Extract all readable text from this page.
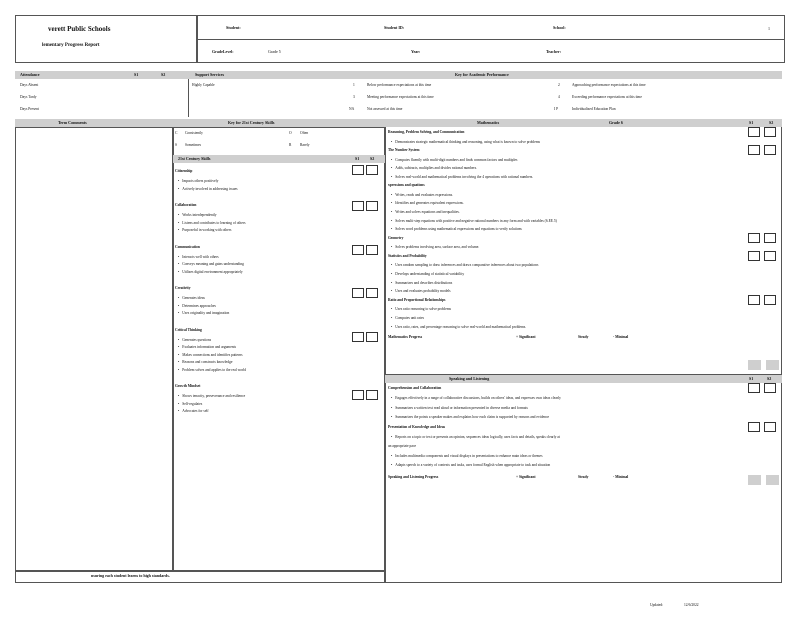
verett Public Schools
lementary Progress Report
Student:	Student ID:	School:	1
GradeLevel:	Grade 5	Year:	Teacher:
Attendance	S1	S2	Support Services	Key for Academic Performance
Days Absent
Days Tardy
Days Present
Highly Capable	1	Below performance expectations at this time
3	Meeting performance expectations at this time
NA	Not assessed at this time
2	Approaching performance expectations at this time
4	Exceeding performance expectations at this time
I P	Individualized Education Plan
Term Comments	Key for 21st Century Skills	Mathematics	Grade 6	S1	S2
nsuring each student learns to high standards.
C Consistently	O Often
S Sometimes	R Rarely
21st Century Skills	S1	S2
Citizenship
• Impacts others positively
• Actively involved in addressing issues
Collaboration
• Works interdependently
• Listens and contributes to learning of others
• Purposeful in working with others
Communication
• Interacts well with others
• Conveys meaning and gains understanding
• Utilizes digital environment appropriately
Creativity
• Generates ideas
• Determines approaches
• Uses originality and imagination
Critical Thinking
• Generates questions
• Evaluates information and arguments
• Makes connections and identifies patterns
• Reasons and constructs knowledge
• Problem solves and applies to the real world
Growth Mindset
• Shows tenacity, perseverance and resilience
• Self-regulates
• Advocates for self
Reasoning, Problem Solving, and Communication
• Demonstrates strategic mathematical thinking and reasoning, using what is known to solve problems
The Number System
• Computes fluently with multi-digit numbers and finds common factors and multiples
• Adds, subtracts, multiplies and divides rational numbers.
• Solves real-world and mathematical problems involving the 4 operations with rational numbers.
xpressions and quations
• Writes, reads and evaluates expressions.
• Identifies and generates equivalent expressions.
• Writes and solves equations and inequalities.
• Solves multi-step equations with positive and negative rational numbers in any form and with variables (6.EE.5)
• Solves word problems using mathematical expressions and equations to verify solutions
Geometry
• Solves problems involving area, surface area, and volume.
Statistics and Probability
• Uses random sampling to draw inferences and draws comparative inferences about two populations
• Develops understanding of statistical variability
• Summarizes and describes distributions
• Uses and evaluates probability models
Ratio and Proportional Relationships
• Uses ratio reasoning to solve problems
• Computes unit rates
• Uses ratio, rates, and percentage reasoning to solve real-world and mathematical problems.
Mathematics Progress	+ Significant	Steady	- Minimal
Speaking and Listening	S1	S2
Comprehension and Collaboration
• Engages effectively in a range of collaborative discussions, builds on others' ideas, and expresses own ideas clearly
• Summarizes a written text read aloud or information presented in diverse media and formats
• Summarizes the points a speaker makes and explains how each claim is supported by reasons and evidence
Presentation of Knowledge and Ideas
• Reports on a topic or text or presents an opinion, sequences ideas logically, uses facts and details, speaks clearly at
an appropriate pace
• Includes multimedia components and visual displays in presentations to enhance main ideas or themes
• Adapts speech to a variety of contexts and tasks, uses formal English when appropriate to task and situation
Speaking and Listening Progress	+ Significant	Steady	- Minimal
Updated:	12/6/2022
